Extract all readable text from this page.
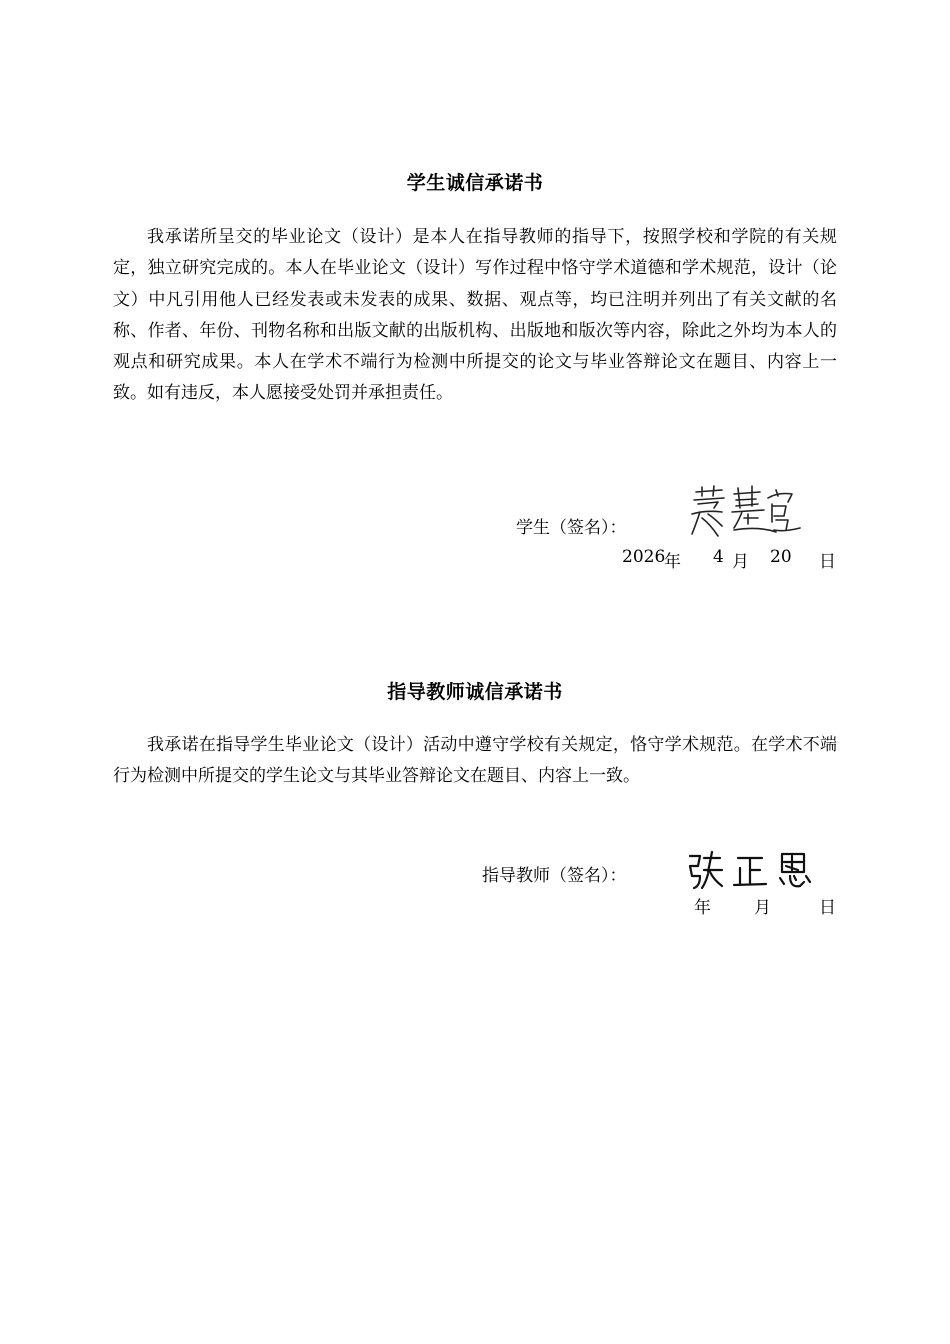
学生诚信承诺书
我承诺所呈交的毕业论文（设计）是本人在指导教师的指导下，按照学校和学院的有关规定，独立研究完成的。本人在毕业论文（设计）写作过程中恪守学术道德和学术规范，设计（论文）中凡引用他人已经发表或未发表的成果、数据、观点等，均已注明并列出了有关文献的名称、作者、年份、刊物名称和出版文献的出版机构、出版地和版次等内容，除此之外均为本人的观点和研究成果。本人在学术不端行为检测中所提交的论文与毕业答辩论文在题目、内容上一致。如有违反，本人愿接受处罚并承担责任。
学生（签名）：
2026
年 4 月 20 日
指导教师诚信承诺书
我承诺在指导学生毕业论文（设计）活动中遵守学校有关规定，恪守学术规范。在学术不端行为检测中所提交的学生论文与其毕业答辩论文在题目、内容上一致。
指导教师（签名）：
年	月	日
